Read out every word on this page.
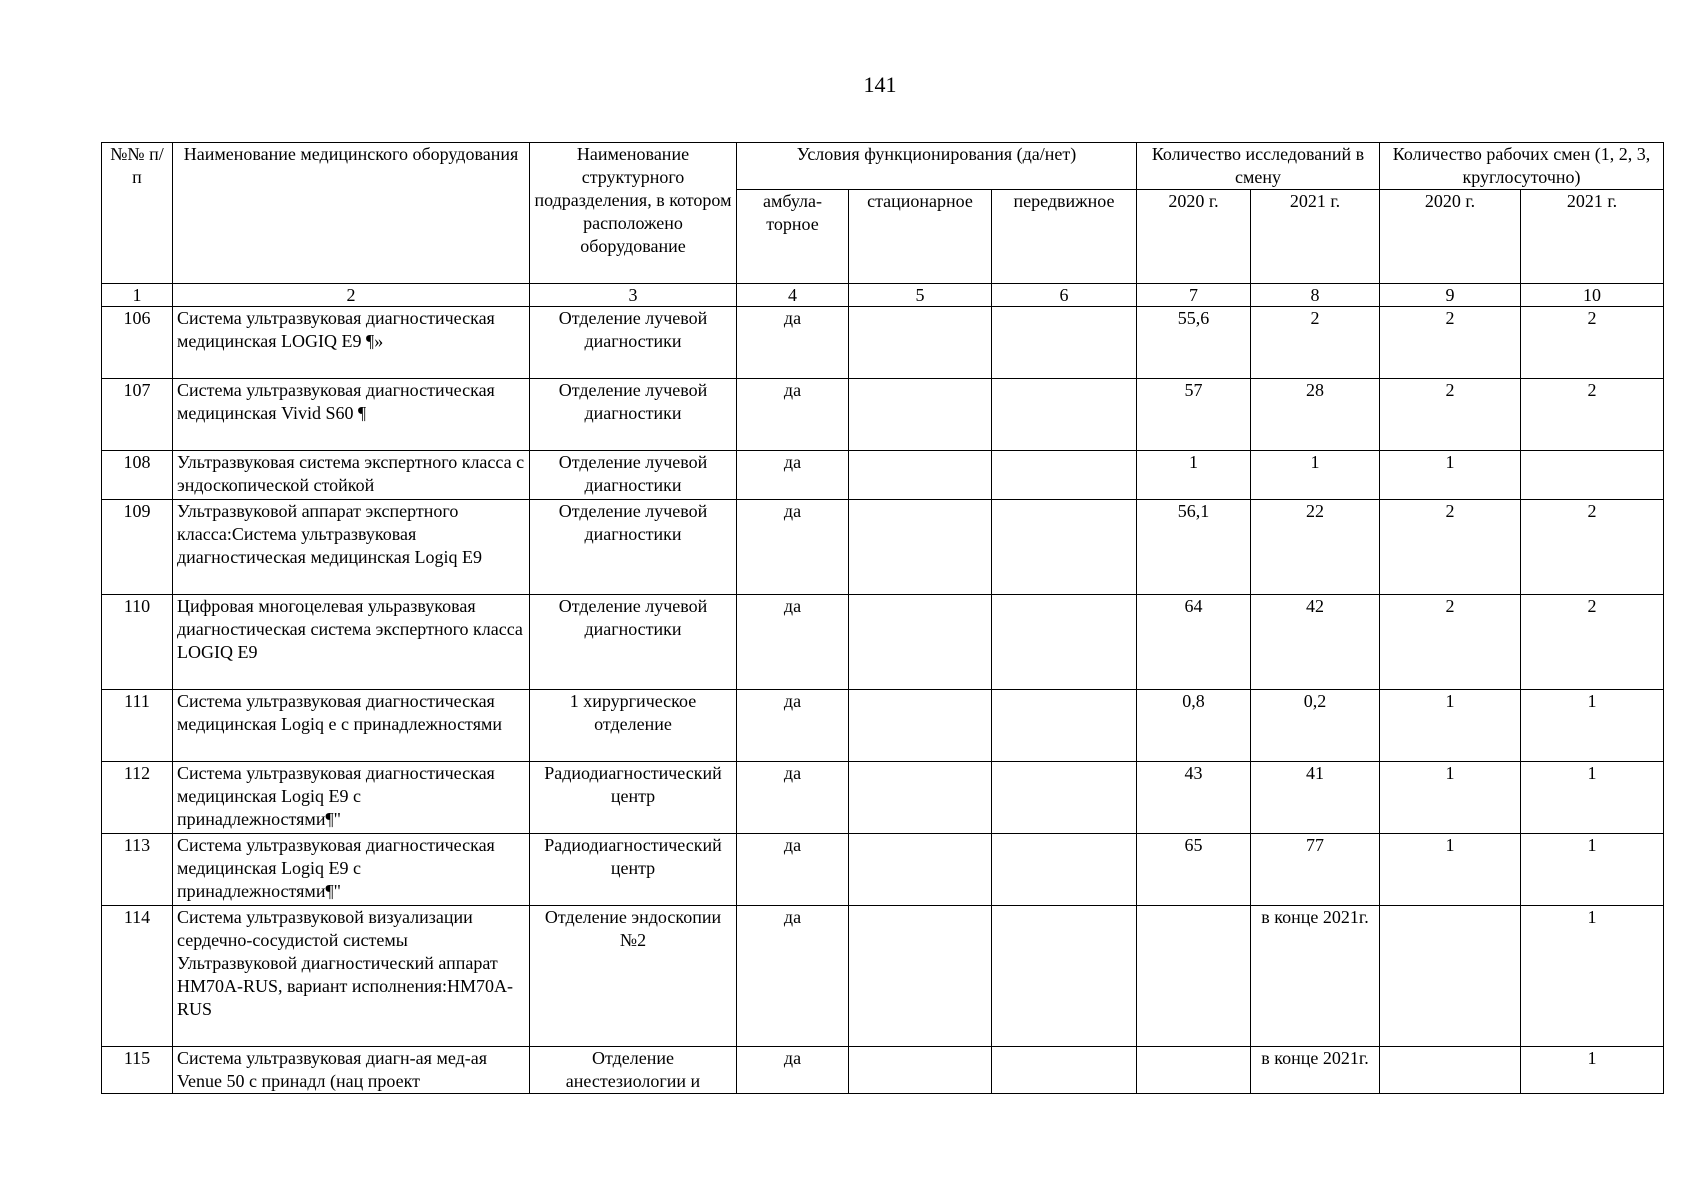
141
№№ п/п	Наименование медицинского оборудования	Наименование структурного подразделения, в котором расположено оборудование	Условия функционирования (да/нет)			Количество исследований в смену		Количество рабочих смен (1, 2, 3, круглосуточно)	
			амбула-торное	стационарное	передвижное	2020 г.	2021 г.	2020 г.	2021 г.
1	2	3	4	5	6	7	8	9	10
106	Система ультразвуковая диагностическая медицинская LOGIQ E9 ¶»	Отделение лучевой диагностики	да			55,6	2	2	2
107	Система ультразвуковая диагностическая медицинская Vivid S60 ¶	Отделение лучевой диагностики	да			57	28	2	2
108	Ультразвуковая система экспертного класса с эндоскопической стойкой	Отделение лучевой диагностики	да			1	1	1	
109	Ультразвуковой аппарат экспертного класса:Система ультразвуковая диагностическая медицинская Logiq E9	Отделение лучевой диагностики	да			56,1	22	2	2
110	Цифровая многоцелевая ульразвуковая диагностическая система экспертного класса LOGIQ E9	Отделение лучевой диагностики	да			64	42	2	2
111	Система ультразвуковая диагностическая медицинская Logiq e с принадлежностями	1 хирургическое отделение	да			0,8	0,2	1	1
112	Система ультразвуковая диагностическая медицинская Logiq E9 с принадлежностями¶"	Радиодиагностический центр	да			43	41	1	1
113	Система ультразвуковая диагностическая медицинская Logiq E9 с принадлежностями¶"	Радиодиагностический центр	да			65	77	1	1
114	Система ультразвуковой визуализации сердечно-сосудистой системы Ультразвуковой диагностический аппарат HM70A-RUS, вариант исполнения:HM70A-RUS	Отделение эндоскопии №2	да				в конце 2021г.		1
115	Система ультразвуковая диагн-ая мед-ая Venue 50 с принадл (нац проект	Отделение анестезиологии и	да				в конце 2021г.		1
